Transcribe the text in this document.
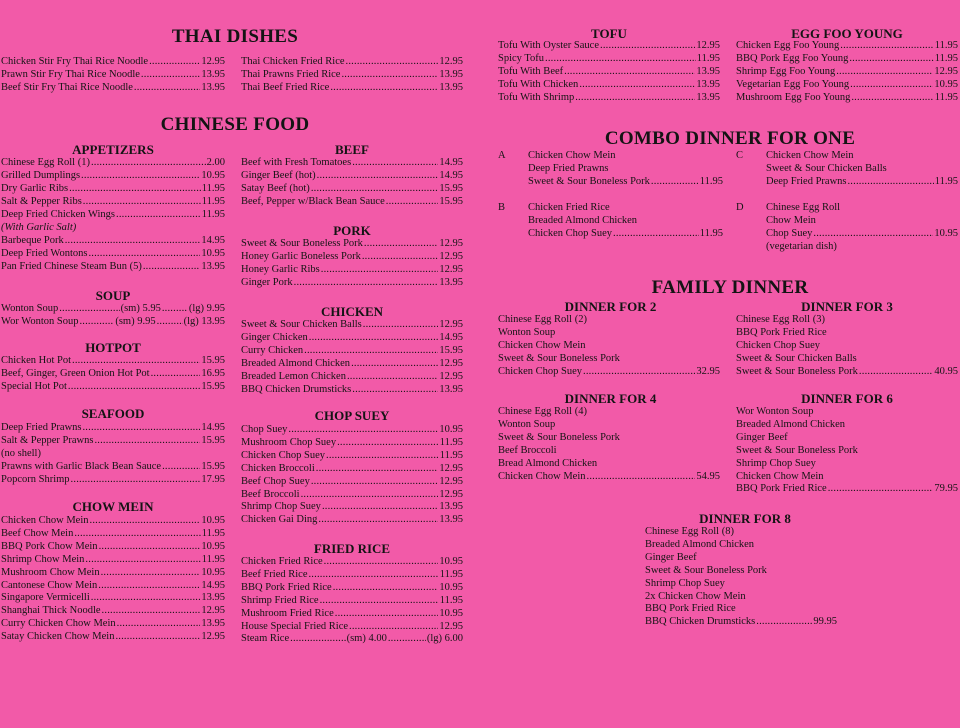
THAI DISHES
Chicken Stir Fry Thai Rice Noodle .....	12.95
Prawn Stir Fry Thai Rice Noodle .....	13.95
Beef Stir Fry Thai Rice Noodle .....	13.95
Thai Chicken Fried Rice .....	12.95
Thai Prawns Fried Rice .....	13.95
Thai Beef Fried Rice .....	13.95
CHINESE FOOD
APPETIZERS
Chinese Egg Roll (1) .....	2.00
Grilled Dumplings .....	10.95
Dry Garlic Ribs .....	11.95
Salt & Pepper Ribs .....	11.95
Deep Fried Chicken Wings .....	11.95
(With Garlic Salt)
Barbeque Pork .....	14.95
Deep Fried Wontons .....	10.95
Pan Fried Chinese Steam Bun (5) .....	13.95
SOUP
Wonton Soup .....	(sm) 5.95 .....	(lg) 9.95
Wor Wonton Soup .....	(sm) 9.95 .....	(lg) 13.95
HOTPOT
Chicken Hot Pot .....	15.95
Beef, Ginger, Green Onion Hot Pot .....	16.95
Special Hot Pot .....	15.95
SEAFOOD
Deep Fried Prawns .....	14.95
Salt & Pepper Prawns .....	15.95
(no shell)
Prawns with Garlic Black Bean Sauce .....	15.95
Popcorn Shrimp .....	17.95
CHOW MEIN
Chicken Chow Mein .....	10.95
Beef Chow Mein .....	11.95
BBQ Pork Chow Mein .....	10.95
Shrimp Chow Mein .....	11.95
Mushroom Chow Mein .....	10.95
Cantonese Chow Mein .....	14.95
Singapore Vermicelli .....	13.95
Shanghai Thick Noodle .....	12.95
Curry Chicken Chow Mein .....	13.95
Satay Chicken Chow Mein .....	12.95
BEEF
Beef with Fresh Tomatoes .....	14.95
Ginger Beef (hot) .....	14.95
Satay Beef (hot) .....	15.95
Beef, Pepper w/Black Bean Sauce .....	15.95
PORK
Sweet & Sour Boneless Pork .....	12.95
Honey Garlic Boneless Pork .....	12.95
Honey Garlic Ribs .....	12.95
Ginger Pork .....	13.95
CHICKEN
Sweet & Sour Chicken Balls .....	12.95
Ginger Chicken .....	14.95
Curry Chicken .....	15.95
Breaded Almond Chicken .....	12.95
Breaded Lemon Chicken .....	12.95
BBQ Chicken Drumsticks .....	13.95
CHOP SUEY
Chop Suey .....	10.95
Mushroom Chop Suey .....	11.95
Chicken Chop Suey .....	11.95
Chicken Broccoli .....	12.95
Beef Chop Suey .....	12.95
Beef Broccoli .....	12.95
Shrimp Chop Suey .....	13.95
Chicken Gai Ding .....	13.95
FRIED RICE
Chicken Fried Rice .....	10.95
Beef Fried Rice .....	11.95
BBQ Pork Fried Rice .....	10.95
Shrimp Fried Rice .....	11.95
Mushroom Fried Rice .....	10.95
House Special Fried Rice .....	12.95
Steam Rice .....	(sm) 4.00 .....	(lg) 6.00
TOFU
Tofu With Oyster Sauce .....	12.95
Spicy Tofu .....	11.95
Tofu With Beef .....	13.95
Tofu With Chicken .....	13.95
Tofu With Shrimp .....	13.95
EGG FOO YOUNG
Chicken Egg Foo Young .....	11.95
BBQ Pork Egg Foo Young .....	11.95
Shrimp Egg Foo Young .....	12.95
Vegetarian Egg Foo Young .....	10.95
Mushroom Egg Foo Young .....	11.95
COMBO DINNER FOR ONE
A	Chicken Chow Mein
Deep Fried Prawns
Sweet & Sour Boneless Pork .....	11.95
B	Chicken Fried Rice
Breaded Almond Chicken
Chicken Chop Suey .....	11.95
C	Chicken Chow Mein
Sweet & Sour Chicken Balls
Deep Fried Prawns .....	11.95
D	Chinese Egg Roll
Chow Mein
Chop Suey .....	10.95
(vegetarian dish)
FAMILY DINNER
DINNER FOR 2
Chinese Egg Roll (2)
Wonton Soup
Chicken Chow Mein
Sweet & Sour Boneless Pork
Chicken Chop Suey .....	32.95
DINNER FOR 3
Chinese Egg Roll (3)
BBQ Pork Fried Rice
Chicken Chop Suey
Sweet & Sour Chicken Balls
Sweet & Sour Boneless Pork .....	40.95
DINNER FOR 4
Chinese Egg Roll (4)
Wonton Soup
Sweet & Sour Boneless Pork
Beef Broccoli
Bread Almond Chicken
Chicken Chow Mein .....	54.95
DINNER FOR 6
Wor Wonton Soup
Breaded Almond Chicken
Ginger Beef
Sweet & Sour Boneless Pork
Shrimp Chop Suey
Chicken Chow Mein
BBQ Pork Fried Rice .....	79.95
DINNER FOR 8
Chinese Egg Roll (8)
Breaded Almond Chicken
Ginger Beef
Sweet & Sour Boneless Pork
Shrimp Chop Suey
2x Chicken Chow Mein
BBQ Pork Fried Rice
BBQ Chicken Drumsticks .....	99.95
